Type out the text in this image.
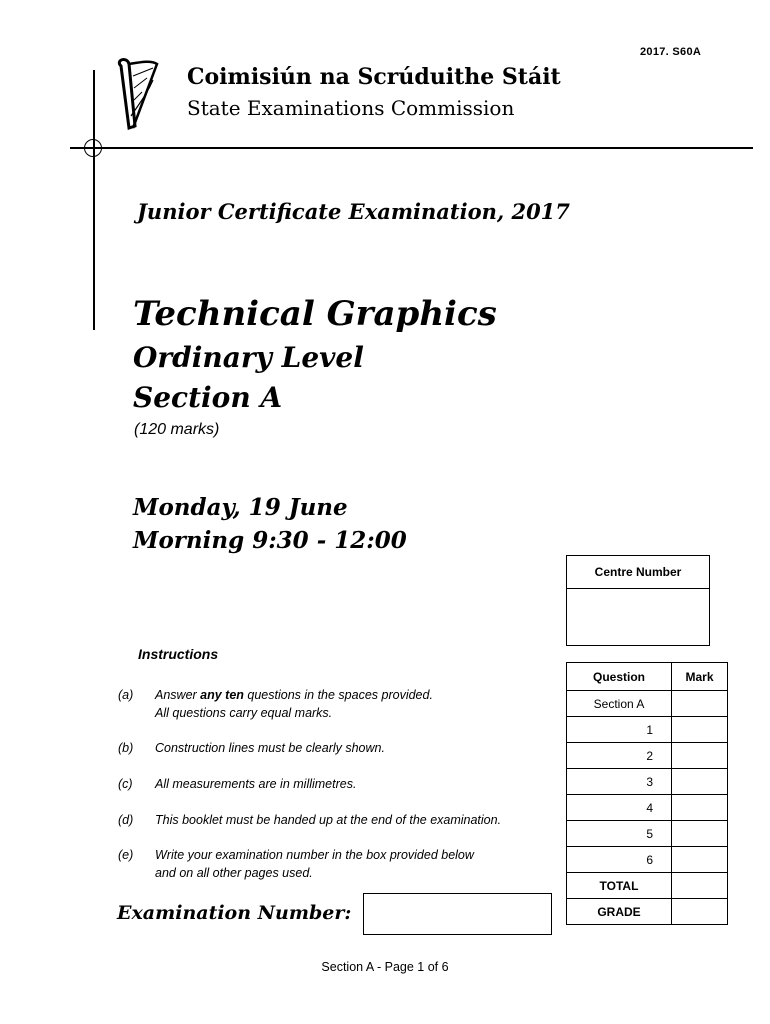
2017. S60A
Coimisiún na Scrúduithe Stáit
State Examinations Commission
Junior Certificate Examination, 2017
Technical Graphics
Ordinary Level
Section A
(120 marks)
Monday, 19 June
Morning 9:30 - 12:00
Centre Number
Instructions
(a) Answer any ten questions in the spaces provided.
All questions carry equal marks.
(b) Construction lines must be clearly shown.
(c) All measurements are in millimetres.
(d) This booklet must be handed up at the end of the examination.
(e) Write your examination number in the box provided below
and on all other pages used.
Question	Mark
Section A	
1	
2	
3	
4	
5	
6	
TOTAL	
GRADE	
Examination Number:
Section A - Page 1 of 6
